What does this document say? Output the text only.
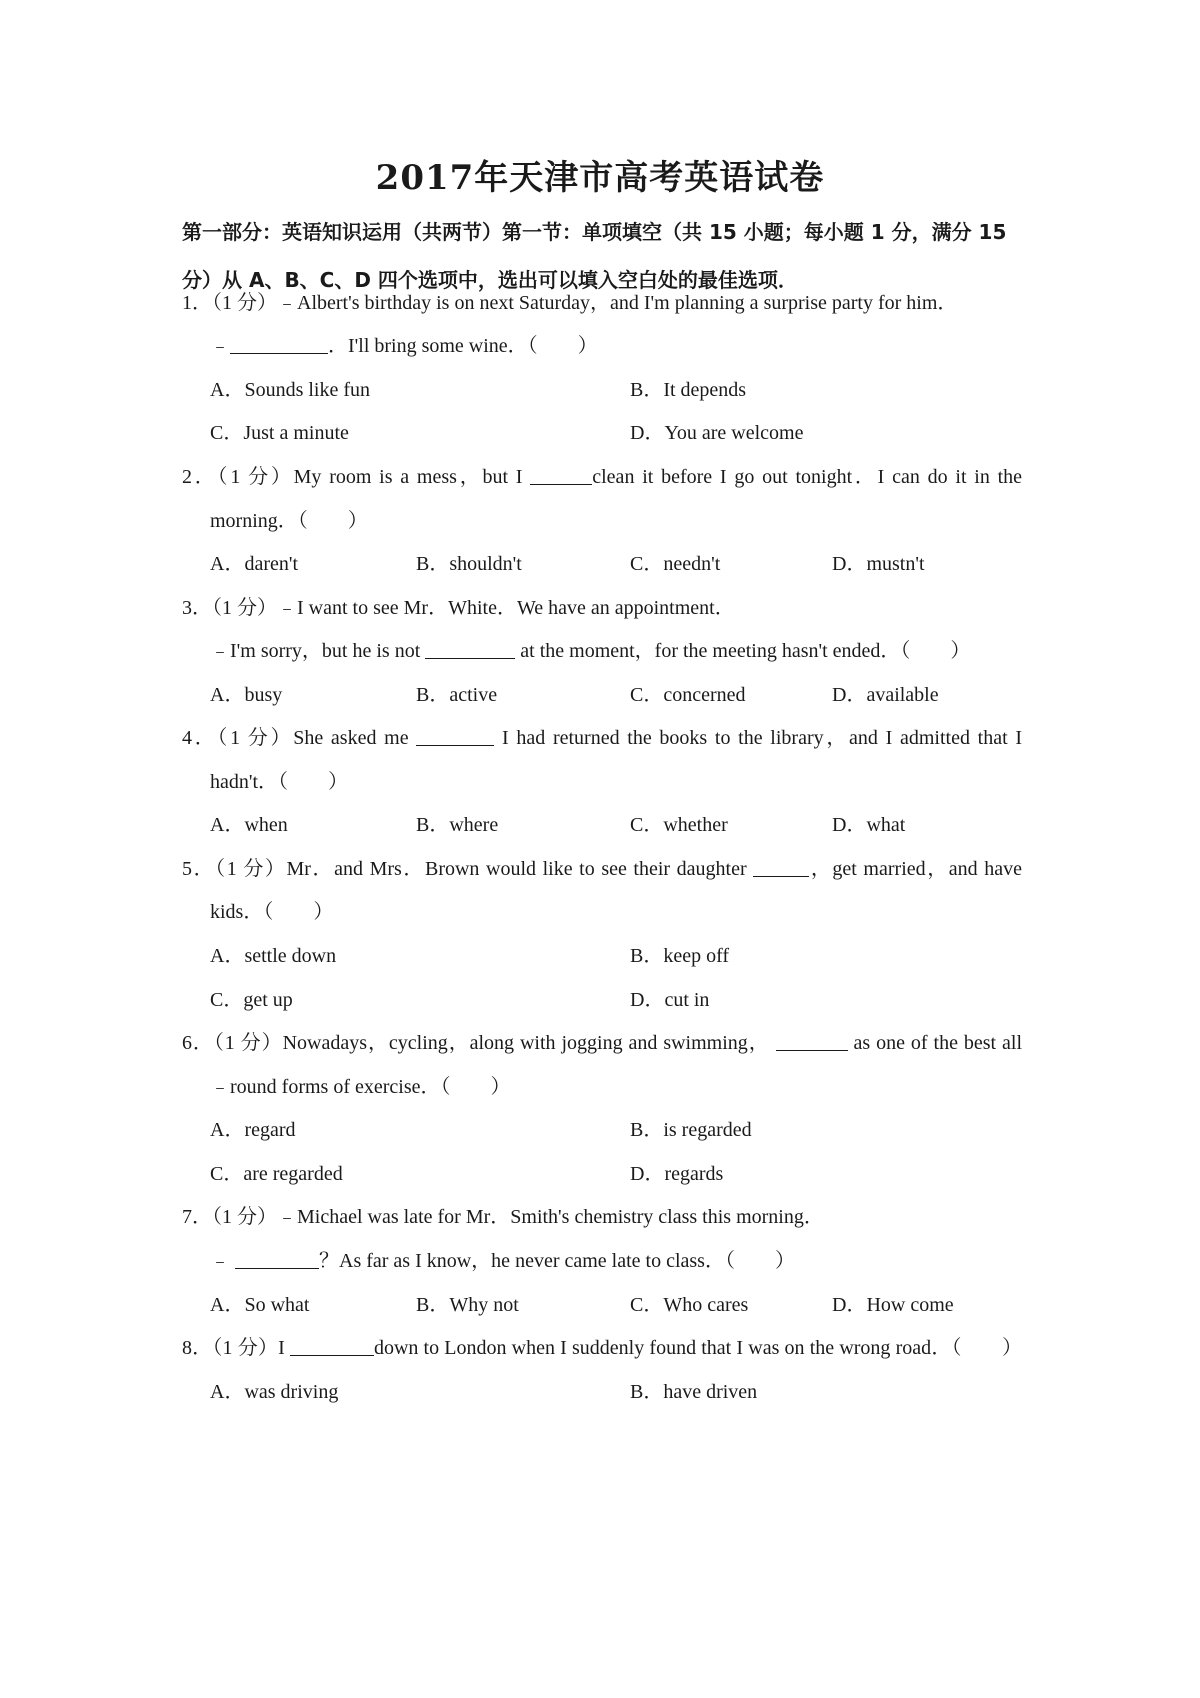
2017年天津市高考英语试卷
第一部分：英语知识运用（共两节）第一节：单项填空（共 15 小题；每小题 1 分，满分 15
分）从 A、B、C、D 四个选项中，选出可以填入空白处的最佳选项．
1．（1 分）﹣Albert's birthday is on next Saturday，and I'm planning a surprise party for him．
﹣	．I'll bring some wine．（　　）
A．Sounds like fun	B．It depends
C．Just a minute	D．You are welcome
2．（1 分）My room is a mess，but I	clean it before I go out tonight．I can do it in the
morning．（　　）
A．daren't	B．shouldn't	C．needn't	D．mustn't
3．（1 分）﹣I want to see Mr．White．We have an appointment．
﹣I'm sorry，but he is not	at the moment，for the meeting hasn't ended．（　　）
A．busy	B．active	C．concerned	D．available
4．（1 分）She asked me	I had returned the books to the library，and I admitted that I
hadn't．（　　）
A．when	B．where	C．whether	D．what
5．（1 分）Mr．and Mrs．Brown would like to see their daughter	，get married，and have
kids．（　　）
A．settle down	B．keep off
C．get up	D．cut in
6．（1 分）Nowadays，cycling，along with jogging and swimming，	as one of the best all
﹣round forms of exercise．（　　）
A．regard	B．is regarded
C．are regarded	D．regards
7．（1 分）﹣Michael was late for Mr．Smith's chemistry class this morning．
﹣	？As far as I know，he never came late to class．（　　）
A．So what	B．Why not	C．Who cares	D．How come
8．（1 分）I	down to London when I suddenly found that I was on the wrong road．（　　）
A．was driving	B．have driven
